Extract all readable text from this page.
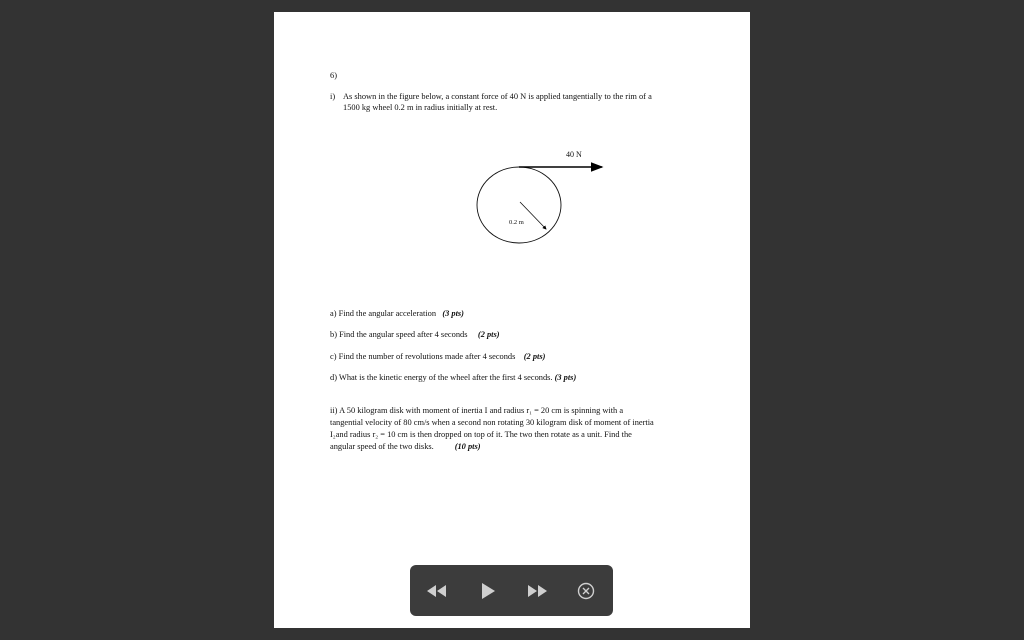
6)
i) As shown in the figure below, a constant force of 40 N is applied tangentially to the rim of a
1500 kg wheel 0.2 m in radius initially at rest.
40 N
0.2 m
a) Find the angular acceleration (3 pts)
b) Find the angular speed after 4 seconds (2 pts)
c) Find the number of revolutions made after 4 seconds (2 pts)
d) What is the kinetic energy of the wheel after the first 4 seconds. (3 pts)
ii) A 50 kilogram disk with moment of inertia I and radius r₁ = 20 cm is spinning with a
tangential velocity of 80 cm/s when a second non rotating 30 kilogram disk of moment of inertia
I₂and radius r₂ = 10 cm is then dropped on top of it. The two then rotate as a unit. Find the
angular speed of the two disks. (10 pts)
